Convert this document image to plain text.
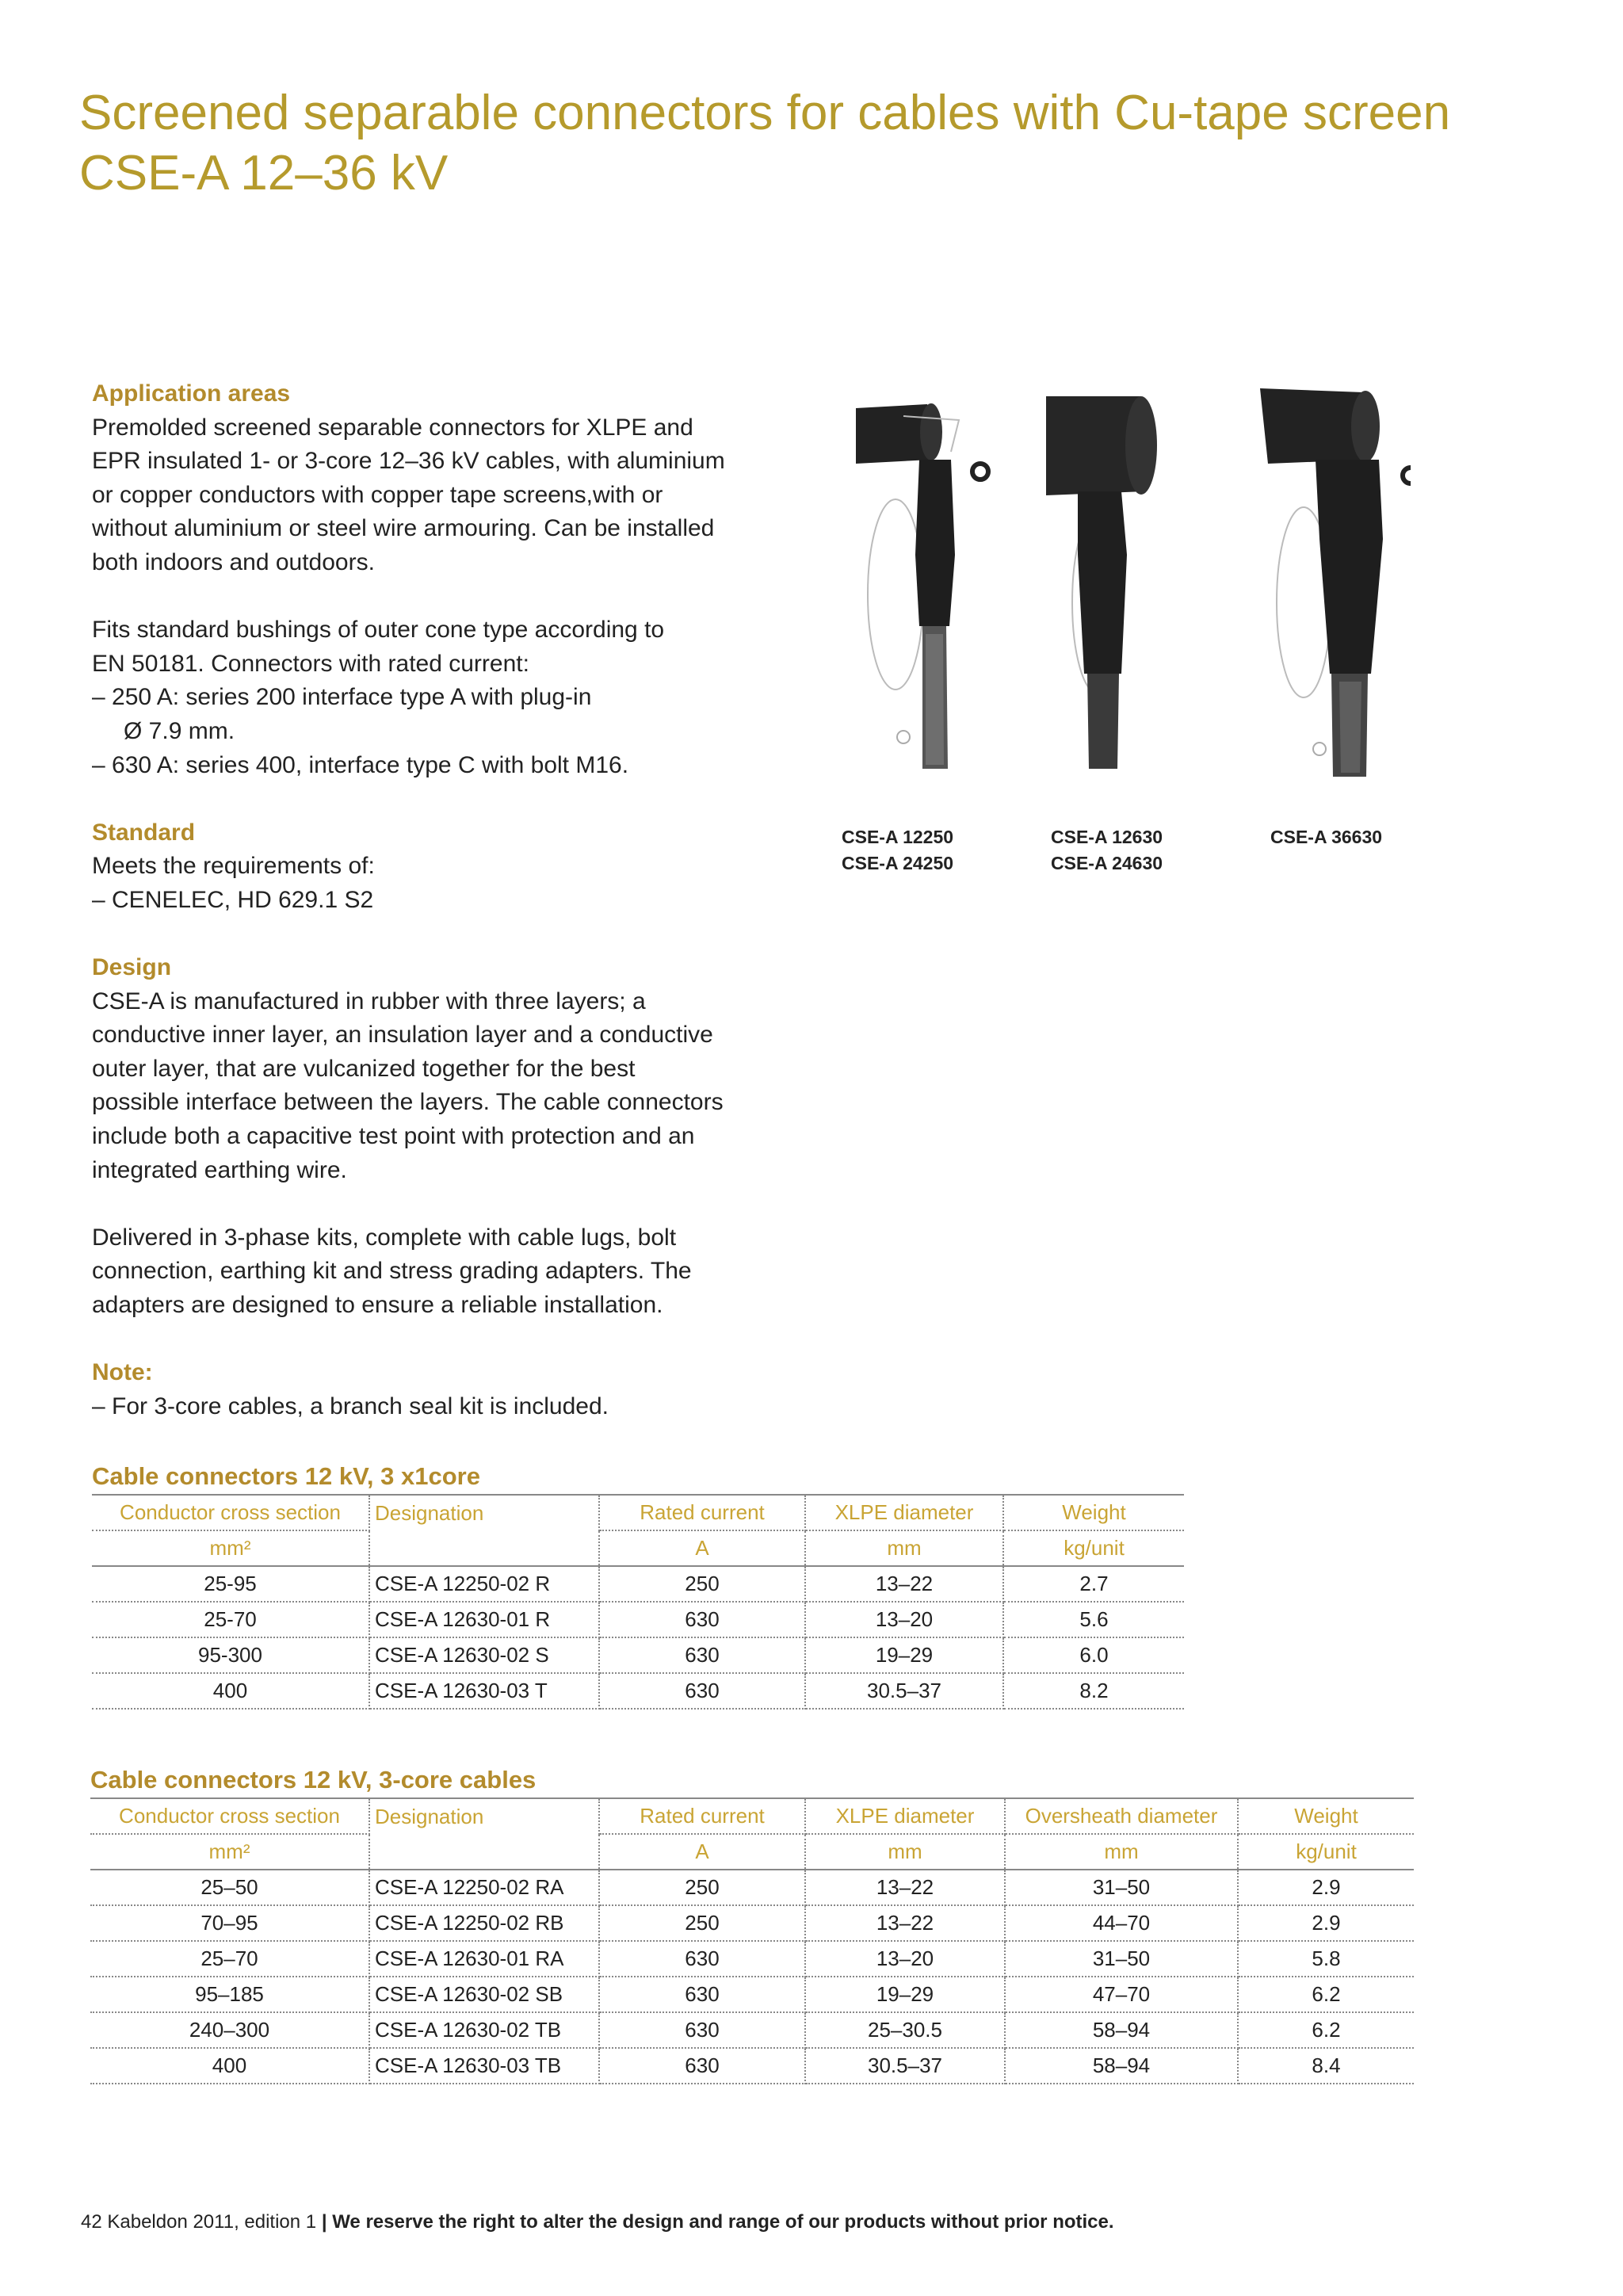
Screened separable connectors for cables with Cu-tape screen
CSE-A 12–36 kV

Application areas

Premolded screened separable connectors for XLPE and

EPR insulated 1- or 3-core 12–36 kV cables, with aluminium

or copper conductors with copper tape screens,with or

without aluminium or steel wire armouring. Can be installed

both indoors and outdoors.

Fits standard bushings of outer cone type according to

EN 50181. Connectors with rated current:

– 250 A: series 200 interface type A with plug-in

Ø 7.9 mm.

– 630 A: series 400, interface type C with bolt M16.

Standard

Meets the requirements of:

– CENELEC, HD 629.1 S2

Design

CSE-A is manufactured in rubber with three layers; a

conductive inner layer, an insulation layer and a conductive

outer layer, that are vulcanized together for the best

possible interface between the layers. The cable connectors

include both a capacitive test point with protection and an

integrated earthing wire.

Delivered in 3-phase kits, complete with cable lugs, bolt

connection, earthing kit and stress grading adapters. The

adapters are designed to ensure a reliable installation.

Note:

– For 3-core cables, a branch seal kit is included.

CSE-A 12250
CSE-A 24250
CSE-A 12630
CSE-A 24630
CSE-A 36630
Cable connectors 12 kV, 3 x1core
Conductor cross section	Designation	Rated current	XLPE diameter	Weight
mm²		A	mm	kg/unit
25-95	CSE-A 12250-02 R	250	13–22	2.7
25-70	CSE-A 12630-01 R	630	13–20	5.6
95-300	CSE-A 12630-02 S	630	19–29	6.0
400	CSE-A 12630-03 T	630	30.5–37	8.2
Cable connectors 12 kV, 3-core cables
Conductor cross section	Designation	Rated current	XLPE diameter	Oversheath diameter	Weight
mm²		A	mm	mm	kg/unit
25–50	CSE-A 12250-02 RA	250	13–22	31–50	2.9
70–95	CSE-A 12250-02 RB	250	13–22	44–70	2.9
25–70	CSE-A 12630-01 RA	630	13–20	31–50	5.8
95–185	CSE-A 12630-02 SB	630	19–29	47–70	6.2
240–300	CSE-A 12630-02 TB	630	25–30.5	58–94	6.2
400	CSE-A 12630-03 TB	630	30.5–37	58–94	8.4
42 Kabeldon 2011, edition 1 | We reserve the right to alter the design and range of our products without prior notice.
